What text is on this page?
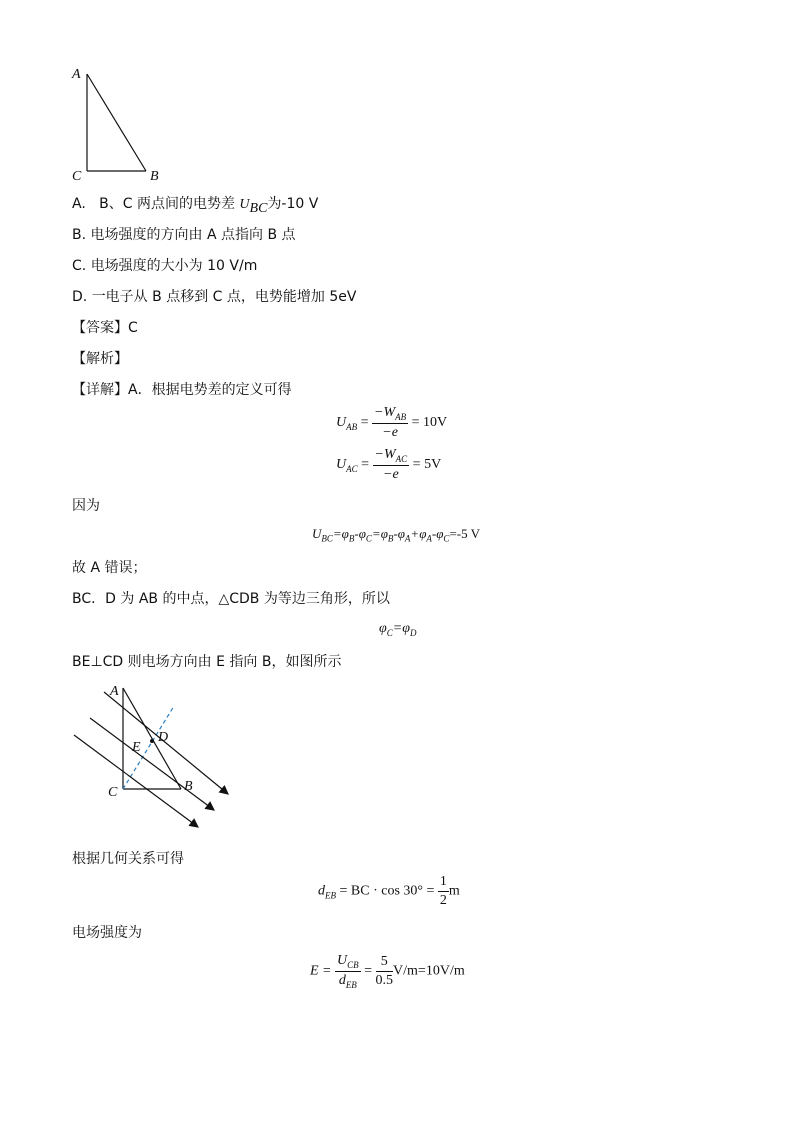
A
C	B
A. B、C 两点间的电势差 $U_{BC}$为-10 V
B. 电场强度的方向由 A 点指向 B 点
C. 电场强度的大小为 10 V/m
D. 一电子从 B 点移到 C 点，电势能增加 5eV
【答案】C
【解析】
【详解】A．根据电势差的定义可得
$U_{AB} = \frac{-W_{AB}}{-e} = 10V$
$U_{AC} = \frac{-W_{AC}}{-e} = 5V$
因为
$U_{BC}=\varphi_B-\varphi_C=\varphi_B-\varphi_A+\varphi_A-\varphi_C=-5$ V
故 A 错误；
BC．D 为 AB 的中点，△CDB 为等边三角形，所以
$\varphi_C=\varphi_D$
BE⊥CD 则电场方向由 E 指向 B，如图所示
A
D
E
C	B
根据几何关系可得
$d_{EB}$ = BC · $\cos 30^\circ = \frac{1}{2}$ m
电场强度为
$E = \frac{U_{CB}}{d_{EB}} = \frac{5}{0.5} V/m=10V/m$
